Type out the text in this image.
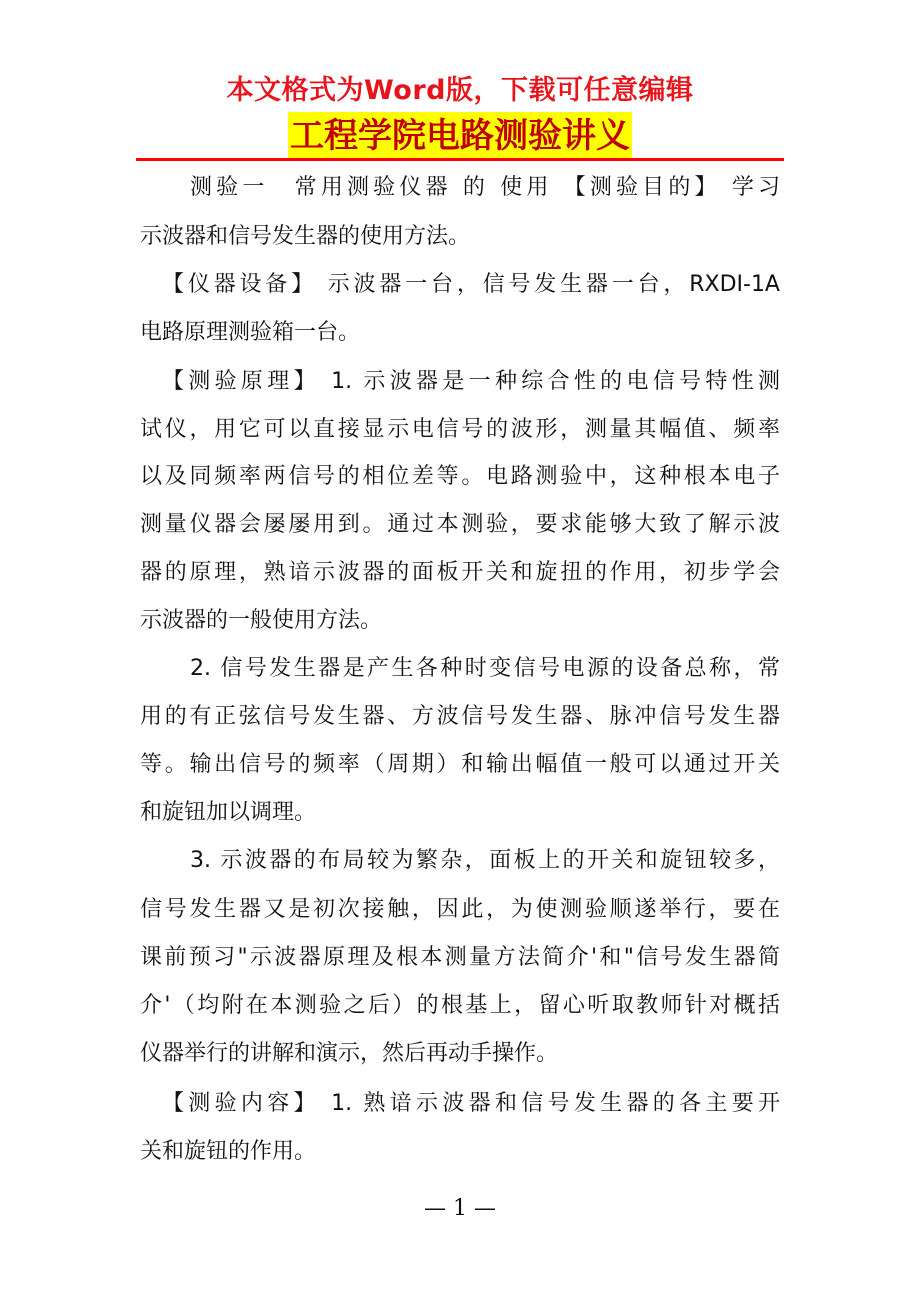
本文格式为Word版，下载可任意编辑
工程学院电路测验讲义
测验一　常用测验仪器 的 使用 【测验目的】 学习
示波器和信号发生器的使用方法。
【仪器设备】 示波器一台，信号发生器一台，RXDI-1A
电路原理测验箱一台。
【测验原理】 1. 示波器是一种综合性的电信号特性测
试仪，用它可以直接显示电信号的波形，测量其幅值、频率
以及同频率两信号的相位差等。电路测验中，这种根本电子
测量仪器会屡屡用到。通过本测验，要求能够大致了解示波
器的原理，熟谙示波器的面板开关和旋扭的作用，初步学会
示波器的一般使用方法。
2. 信号发生器是产生各种时变信号电源的设备总称，常
用的有正弦信号发生器、方波信号发生器、脉冲信号发生器
等。输出信号的频率（周期）和输出幅值一般可以通过开关
和旋钮加以调理。
3. 示波器的布局较为繁杂，面板上的开关和旋钮较多，
信号发生器又是初次接触，因此，为使测验顺遂举行，要在
课前预习"示波器原理及根本测量方法简介'和"信号发生器简
介'（均附在本测验之后）的根基上，留心听取教师针对概括
仪器举行的讲解和演示，然后再动手操作。
【测验内容】 1. 熟谙示波器和信号发生器的各主要开
关和旋钮的作用。
— 1 —
